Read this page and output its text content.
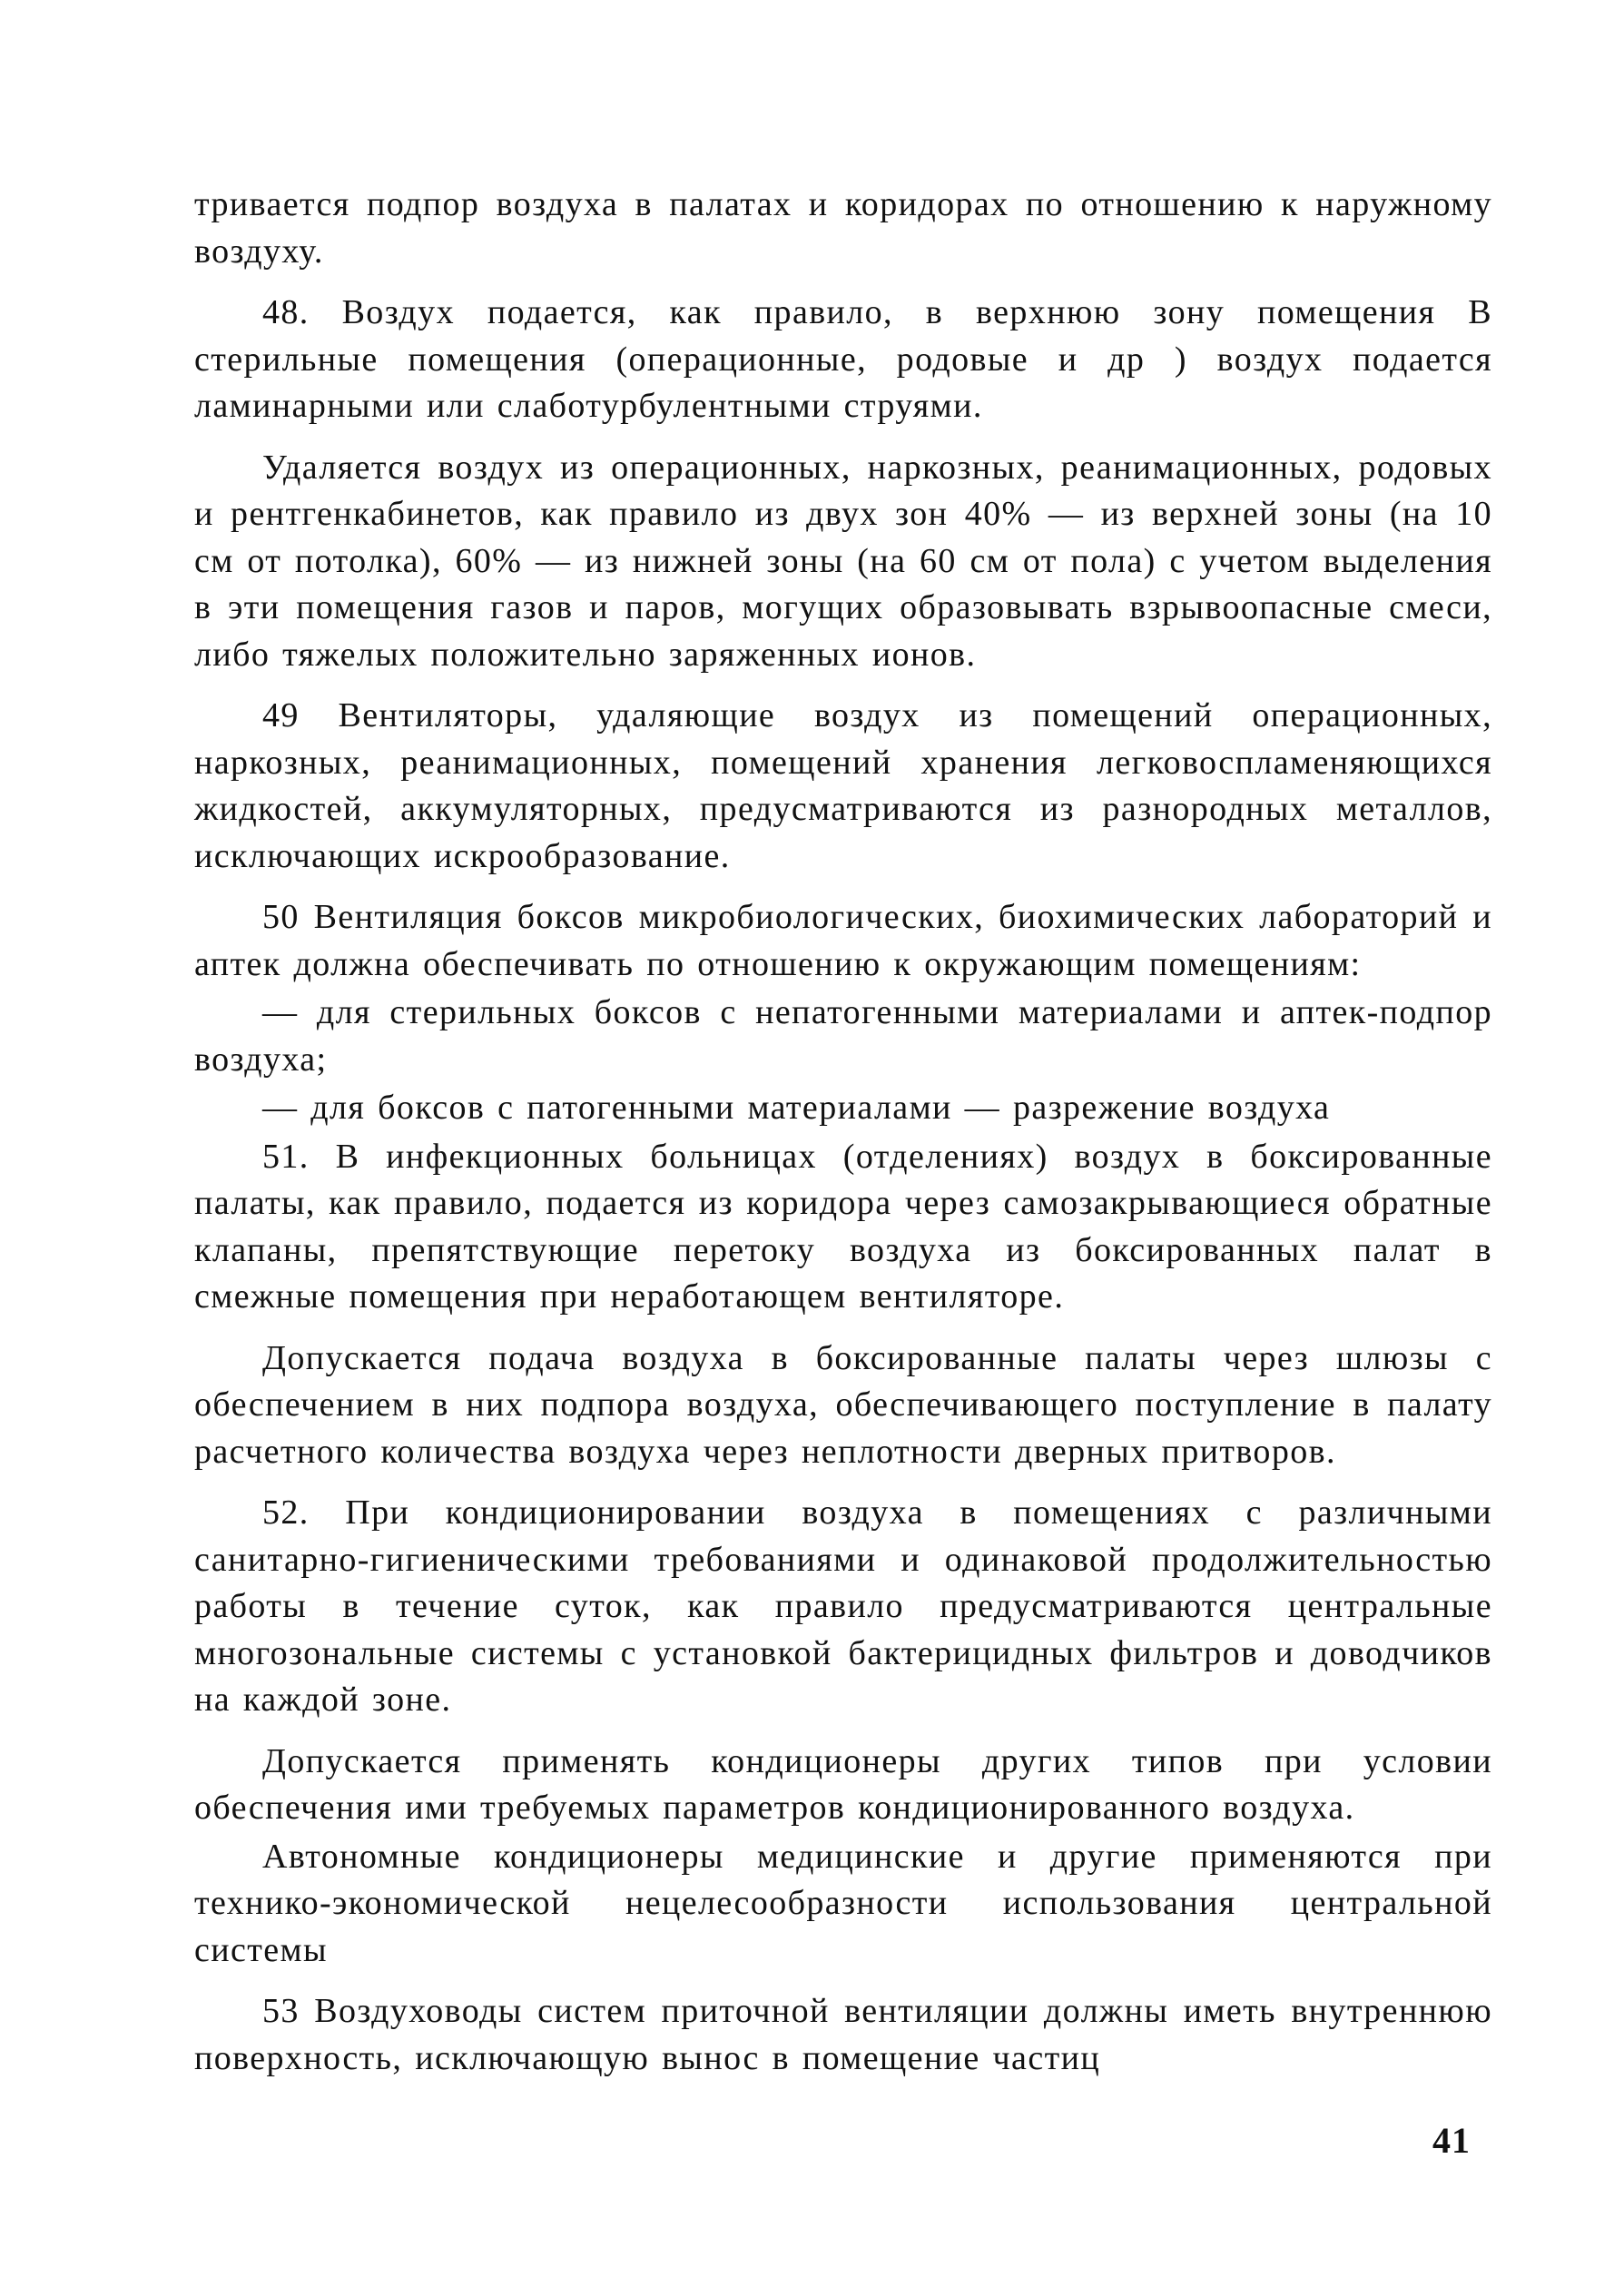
тривается подпор воздуха в палатах и коридорах по отношению к наружному воздуху.

48. Воздух подается, как правило, в верхнюю зону помещения В стерильные помещения (операционные, родовые и др ) воздух подается ламинарными или слаботурбулентными струями.

Удаляется воздух из операционных, наркозных, реанимационных, родовых и рентгенкабинетов, как правило из двух зон 40% — из верхней зоны (на 10 см от потолка), 60% — из нижней зоны (на 60 см от пола) с учетом выделения в эти помещения газов и паров, могущих образовывать взрывоопасные смеси, либо тяжелых положительно заряженных ионов.

49 Вентиляторы, удаляющие воздух из помещений операционных, наркозных, реанимационных, помещений хранения легковоспламеняющихся жидкостей, аккумуляторных, предусматриваются из разнородных металлов, исключающих искрообразование.

50 Вентиляция боксов микробиологических, биохимических лабораторий и аптек должна обеспечивать по отношению к окружающим помещениям:

— для стерильных боксов с непатогенными материалами и аптек-подпор воздуха;

— для боксов с патогенными материалами — разрежение воздуха

51. В инфекционных больницах (отделениях) воздух в боксированные палаты, как правило, подается из коридора через самозакрывающиеся обратные клапаны, препятствующие перетоку воздуха из боксированных палат в смежные помещения при неработающем вентиляторе.

Допускается подача воздуха в боксированные палаты через шлюзы с обеспечением в них подпора воздуха, обеспечивающего поступление в палату расчетного количества воздуха через неплотности дверных притворов.

52. При кондиционировании воздуха в помещениях с различными санитарно-гигиеническими требованиями и одинаковой продолжительностью работы в течение суток, как правило предусматриваются центральные многозональные системы с установкой бактерицидных фильтров и доводчиков на каждой зоне.

Допускается применять кондиционеры других типов при условии обеспечения ими требуемых параметров кондиционированного воздуха.

Автономные кондиционеры медицинские и другие применяются при технико-экономической нецелесообразности использования центральной системы

53 Воздуховоды систем приточной вентиляции должны иметь внутреннюю поверхность, исключающую вынос в помещение частиц

41
